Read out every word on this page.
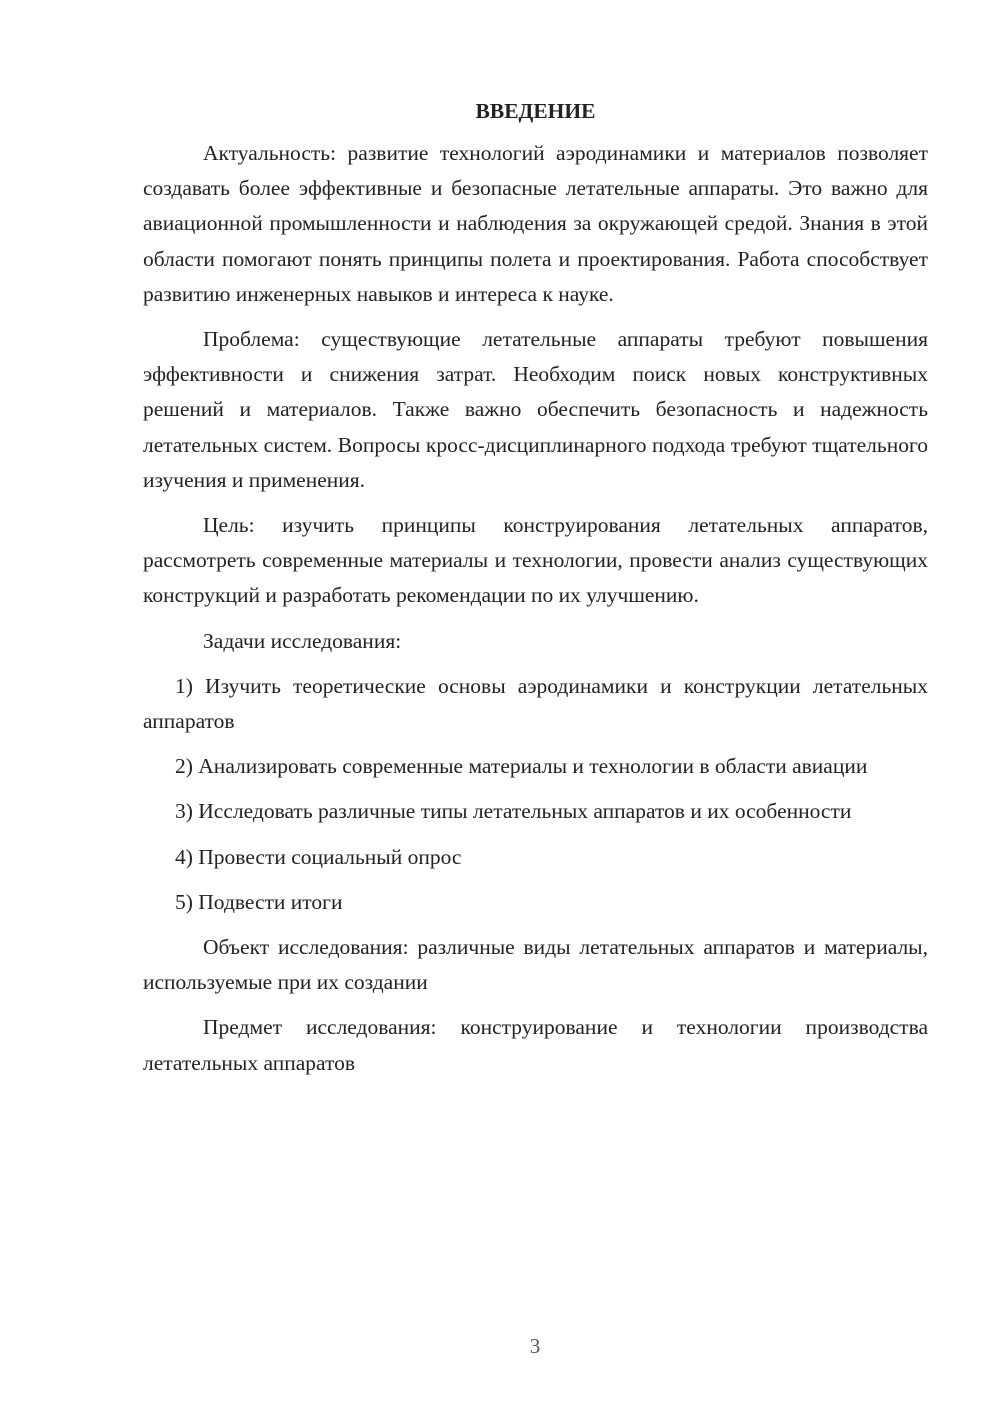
ВВЕДЕНИЕ

Актуальность: развитие технологий аэродинамики и материалов позволяет создавать более эффективные и безопасные летательные аппараты. Это важно для авиационной промышленности и наблюдения за окружающей средой. Знания в этой области помогают понять принципы полета и проектирования. Работа способствует развитию инженерных навыков и интереса к науке.

Проблема: существующие летательные аппараты требуют повышения эффективности и снижения затрат. Необходим поиск новых конструктивных решений и материалов. Также важно обеспечить безопасность и надежность летательных систем. Вопросы кросс-дисциплинарного подхода требуют тщательного изучения и применения.

Цель: изучить принципы конструирования летательных аппаратов, рассмотреть современные материалы и технологии, провести анализ существующих конструкций и разработать рекомендации по их улучшению.

Задачи исследования:

1) Изучить теоретические основы аэродинамики и конструкции летательных аппаратов

2) Анализировать современные материалы и технологии в области авиации

3) Исследовать различные типы летательных аппаратов и их особенности

4) Провести социальный опрос

5) Подвести итоги

Объект исследования: различные виды летательных аппаратов и материалы, используемые при их создании

Предмет исследования: конструирование и технологии производства летательных аппаратов

3
